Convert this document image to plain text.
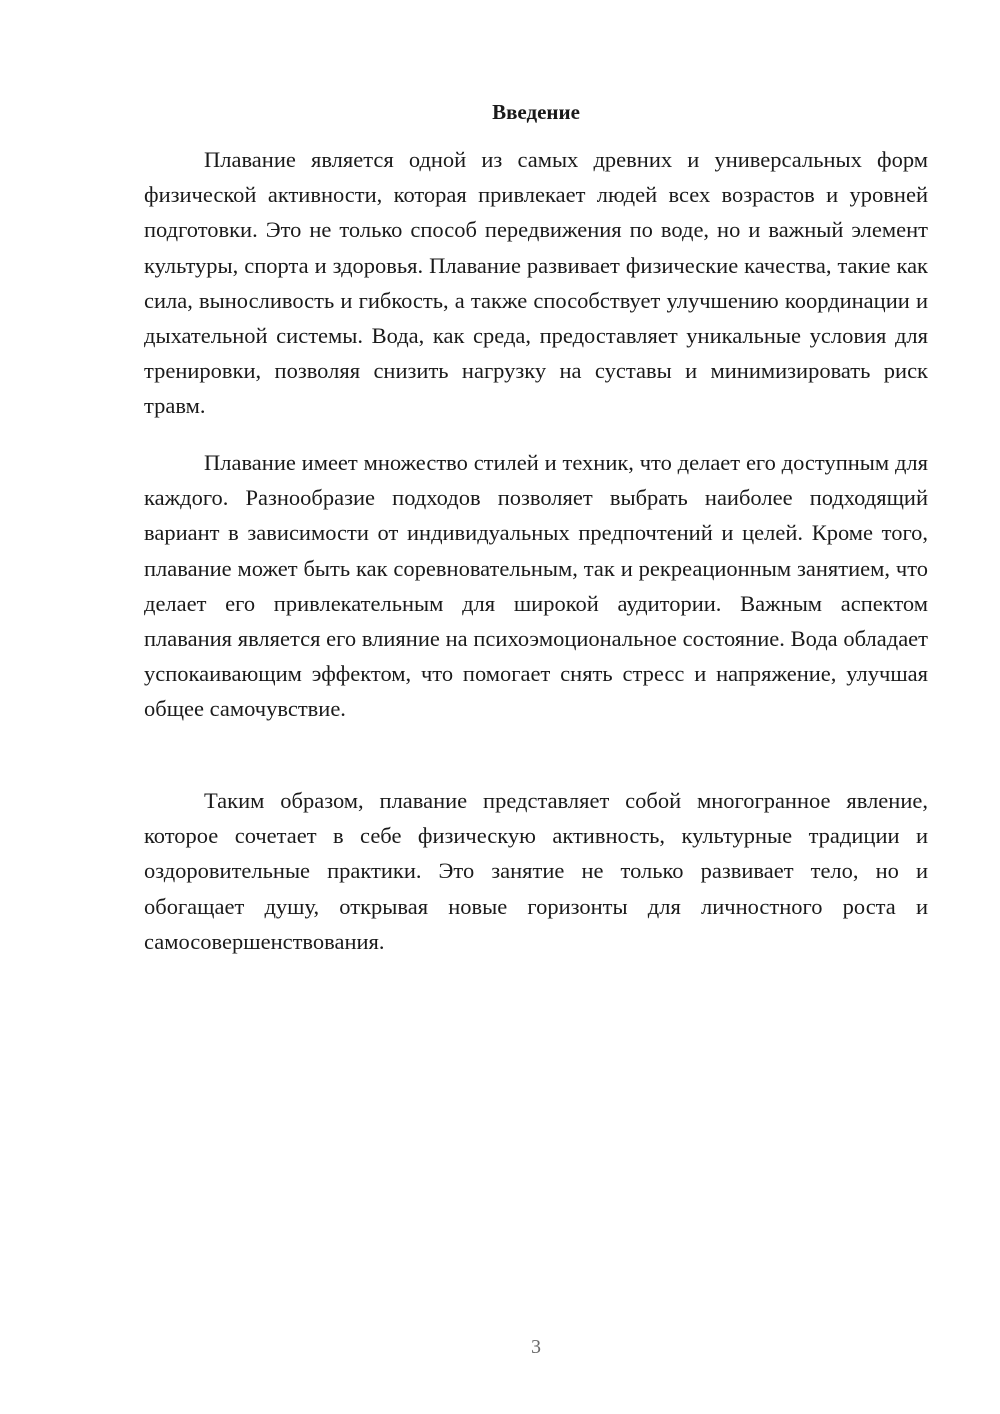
Введение

Плавание является одной из самых древних и универсальных форм физической активности, которая привлекает людей всех возрастов и уровней подготовки. Это не только способ передвижения по воде, но и важный элемент культуры, спорта и здоровья. Плавание развивает физические качества, такие как сила, выносливость и гибкость, а также способствует улучшению координации и дыхательной системы. Вода, как среда, предоставляет уникальные условия для тренировки, позволяя снизить нагрузку на суставы и минимизировать риск травм.

Плавание имеет множество стилей и техник, что делает его доступным для каждого. Разнообразие подходов позволяет выбрать наиболее подходящий вариант в зависимости от индивидуальных предпочтений и целей. Кроме того, плавание может быть как соревновательным, так и рекреационным занятием, что делает его привлекательным для широкой аудитории. Важным аспектом плавания является его влияние на психоэмоциональное состояние. Вода обладает успокаивающим эффектом, что помогает снять стресс и напряжение, улучшая общее самочувствие.

Таким образом, плавание представляет собой многогранное явление, которое сочетает в себе физическую активность, культурные традиции и оздоровительные практики. Это занятие не только развивает тело, но и обогащает душу, открывая новые горизонты для личностного роста и самосовершенствования.

3
